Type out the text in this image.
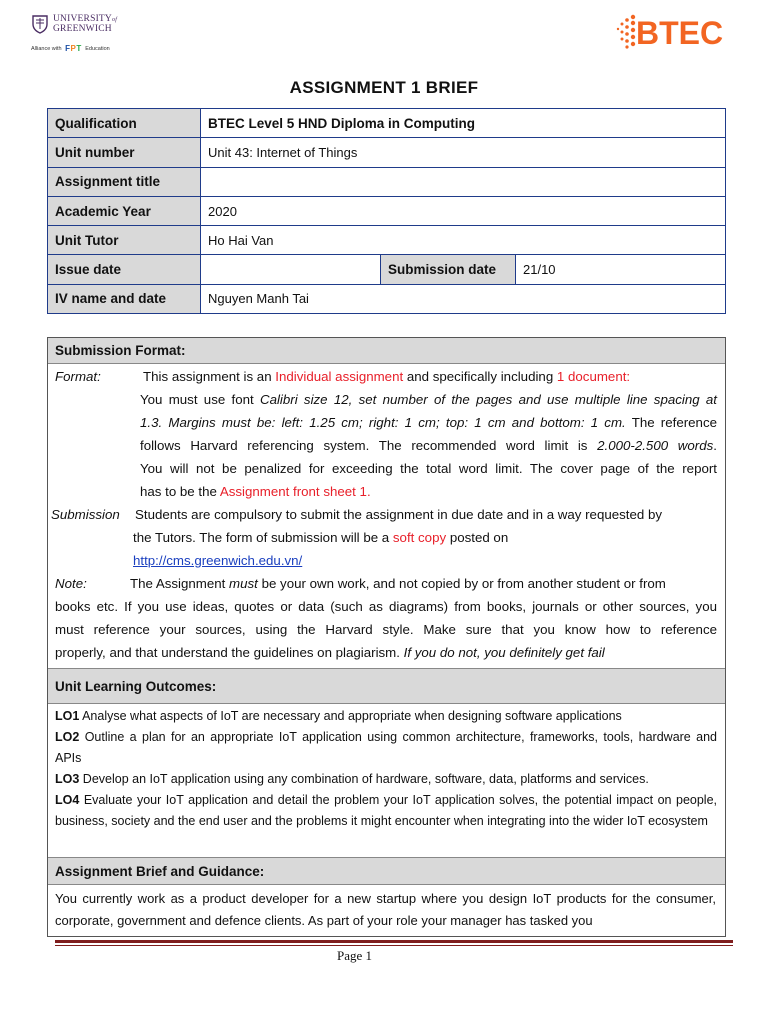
UNIVERSITYof
GREENWICH
Alliance with FPT Education	BTEC
ASSIGNMENT 1 BRIEF
Qualification	BTEC Level 5 HND Diploma in Computing		
Unit number	Unit 43: Internet of Things		
Assignment title			
Academic Year	2020		
Unit Tutor	Ho Hai Van		
Issue date		Submission date	21/10
IV name and date	Nguyen Manh Tai		
Submission Format:
Format:	This assignment is an Individual assignment and specifically including 1 document:
You must use font Calibri size 12, set number of the pages and use multiple line spacing at
1.3. Margins must be: left: 1.25 cm; right: 1 cm; top: 1 cm and bottom: 1 cm. The reference
follows Harvard referencing system. The recommended word limit is 2.000-2.500 words.
You will not be penalized for exceeding the total word limit. The cover page of the report
has to be the Assignment front sheet 1.
Submission Students are compulsory to submit the assignment in due date and in a way requested by
the Tutors. The form of submission will be a soft copy posted on
http://cms.greenwich.edu.vn/
Note:	The Assignment must be your own work, and not copied by or from another student or from
books etc. If you use ideas, quotes or data (such as diagrams) from books, journals or other sources, you
must reference your sources, using the Harvard style. Make sure that you know how to reference
properly, and that understand the guidelines on plagiarism. If you do not, you definitely get fail
Unit Learning Outcomes:

LO1 Analyse what aspects of IoT are necessary and appropriate when designing software applications

LO2 Outline a plan for an appropriate IoT application using common architecture, frameworks, tools, hardware and APIs

LO3 Develop an IoT application using any combination of hardware, software, data, platforms and services.

LO4 Evaluate your IoT application and detail the problem your IoT application solves, the potential impact on people, business, society and the end user and the problems it might encounter when integrating into the wider IoT ecosystem

Assignment Brief and Guidance:
You currently work as a product developer for a new startup where you design IoT products for the consumer, corporate, government and defence clients. As part of your role your manager has tasked you
Page 1
